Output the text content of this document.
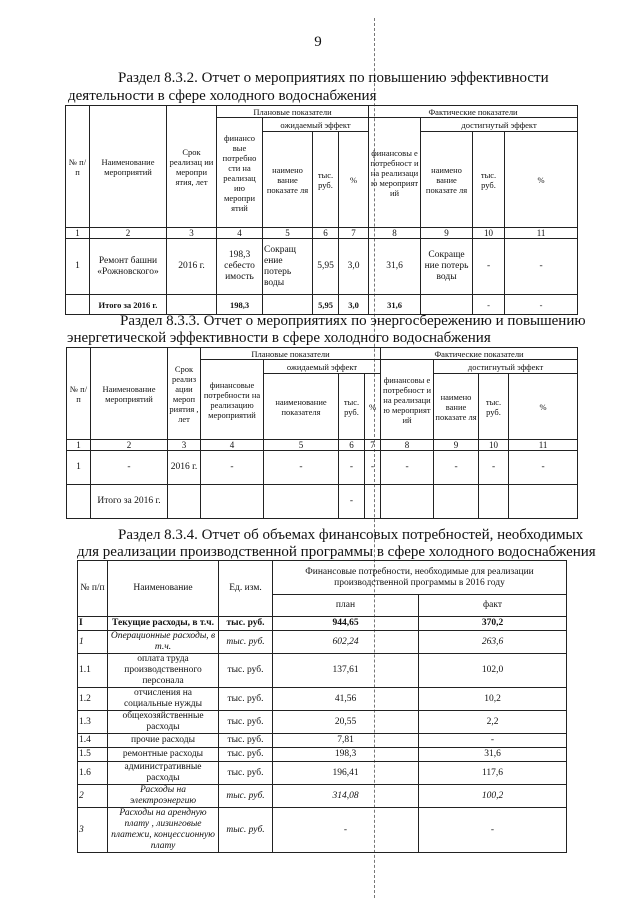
9
Раздел 8.3.2. Отчет о мероприятиях по повышению эффективности
деятельности в сфере холодного водоснабжения
№ п/ п	Наименование мероприятий	Срок реализац ии меропри ятия, лет	Плановые показатели				Фактические показатели			
			финансо вые потребно сти на реализац ию меропри ятий	ожидаемый эффект			финансовы е потребност и на реализаци ю мероприят ий	достигнутый эффект		
				наимено вание показате ля	тыс. руб.	%		наимено вание показате ля	тыс. руб.	%
1	2	3	4	5	6	7	8	9	10	11
1	Ремонт башни «Рожновского»	2016 г.	198,3 себесто имость	Сокращ ение потерь воды	5,95	3,0	31,6	Сокраще ние потерь воды	-	-
	Итого за 2016 г.		198,3		5,95	3,0	31,6		-	-
Раздел 8.3.3. Отчет о мероприятиях по энергосбережению и повышению
энергетической эффективности в сфере холодного водоснабжения
№ п/ п	Наименование мероприятий	Срок реализ ации мероп риятия , лет	Плановые показатели				Фактические показатели			
			финансовые потребности на реализацию мероприятий	ожидаемый эффект			финансовы е потребност и на реализаци ю мероприят ий	достигнутый эффект		
				наименование показателя	тыс. руб.	%		наимено вание показате ля	тыс. руб.	%
1	2	3	4	5	6	7	8	9	10	11
1	-	2016 г.	-	-	-	-	-	-	-	-
	Итого за 2016 г.				-					
Раздел 8.3.4. Отчет об объемах финансовых потребностей, необходимых
для реализации производственной программы в сфере холодного водоснабжения
№ п/п	Наименование	Ед. изм.	Финансовые потребности, необходимые для реализации производственной программы в 2016 году	
			план	факт
I	Текущие расходы, в т.ч.	тыс. руб.	944,65	370,2
1	Операционные расходы, в т.ч.	тыс. руб.	602,24	263,6
1.1	оплата труда производственного персонала	тыс. руб.	137,61	102,0
1.2	отчисления на социальные нужды	тыс. руб.	41,56	10,2
1.3	общехозяйственные расходы	тыс. руб.	20,55	2,2
1.4	прочие расходы	тыс. руб.	7,81	-
1.5	ремонтные расходы	тыс. руб.	198,3	31,6
1.6	административные расходы	тыс. руб.	196,41	117,6
2	Расходы на электроэнергию	тыс. руб.	314,08	100,2
3	Расходы на арендную плату , лизинговые платежи, концессионную плату	тыс. руб.	-	-
